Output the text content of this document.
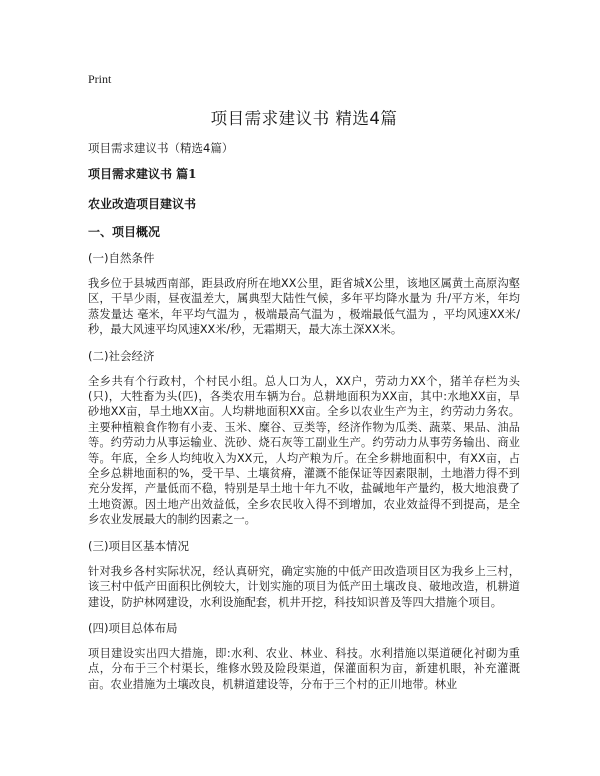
Print
项目需求建议书 精选4篇
项目需求建议书（精选4篇）
项目需求建议书 篇1
农业改造项目建议书
一、项目概况
(一)自然条件
我乡位于县城西南部，距县政府所在地XX公里，距省城X公里，该地区属黄土高原沟壑区，干旱少雨，昼夜温差大，属典型大陆性气候，多年平均降水量为 升/平方米，年均蒸发量达 毫米，年平均气温为 ，极端最高气温为 ，极端最低气温为 ，平均风速XX米/秒，最大风速平均风速XX米/秒，无霜期天，最大冻土深XX米。
(二)社会经济
全乡共有个行政村，个村民小组。总人口为人，XX户，劳动力XX个，猪羊存栏为头(只)，大牲畜为头(匹)，各类农用车辆为台。总耕地面积为XX亩，其中:水地XX亩，旱砂地XX亩，旱土地XX亩。人均耕地面积XX亩。全乡以农业生产为主，约劳动力务农。主要种植粮食作物有小麦、玉米、糜谷、豆类等，经济作物为瓜类、蔬菜、果品、油品等。约劳动力从事运输业、洗砂、烧石灰等工副业生产。约劳动力从事劳务输出、商业等。年底，全乡人均纯收入为XX元，人均产粮为斤。在全乡耕地面积中，有XX亩，占全乡总耕地面积的%，受干旱、土壤贫瘠，灌溉不能保证等因素限制，土地潜力得不到充分发挥，产量低而不稳，特别是旱土地十年九不收，盐碱地年产量约，极大地浪费了土地资源。因土地产出效益低，全乡农民收入得不到增加，农业效益得不到提高，是全乡农业发展最大的制约因素之一。
(三)项目区基本情况
针对我乡各村实际状况，经认真研究，确定实施的中低产田改造项目区为我乡上三村，该三村中低产田面积比例较大，计划实施的项目为低产田土壤改良、破地改造，机耕道建设，防护林网建设，水利设施配套，机井开挖，科技知识普及等四大措施个项目。
(四)项目总体布局
项目建设实出四大措施，即:水利、农业、林业、科技。水利措施以渠道硬化衬砌为重点，分布于三个村渠长，维修水毁及险段渠道，保灌面积为亩，新建机眼，补充灌溉亩。农业措施为土壤改良，机耕道建设等，分布于三个村的正川地带。林业
